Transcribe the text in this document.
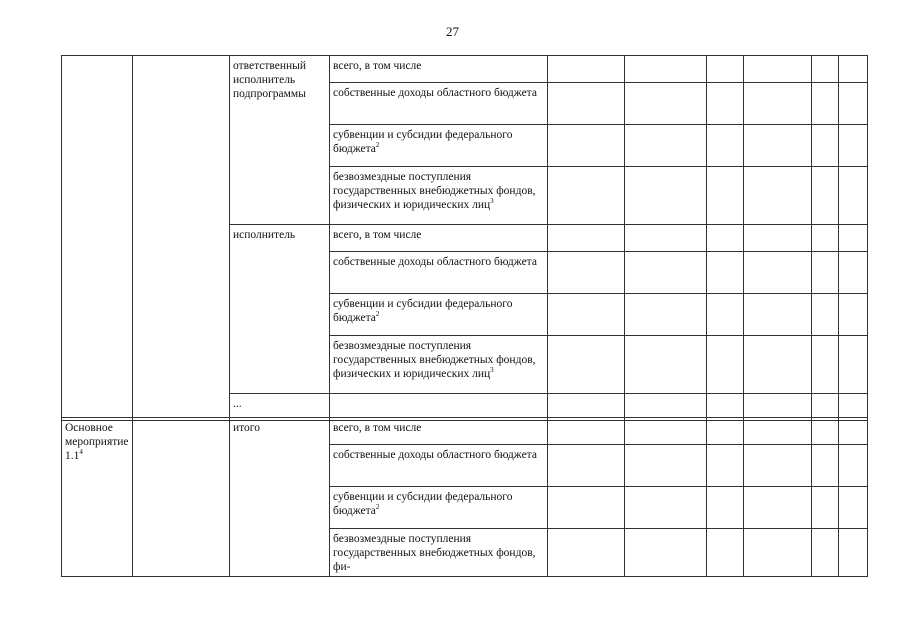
27
		ответственный исполнитель подпрограммы	всего, в том числе						
			собственные доходы областного бюджета						
			субвенции и субсидии федерального бюджета$^2$						
			безвозмездные поступления государственных внебюджетных фондов, физических и юридических лиц$^3$						
		исполнитель	всего, в том числе						
			собственные доходы областного бюджета						
			субвенции и субсидии федерального бюджета$^2$						
			безвозмездные поступления государственных внебюджетных фондов, физических и юридических лиц$^3$						
		...							
Основное мероприятие $1.1^4$		итого	всего, в том числе						
			собственные доходы областного бюджета						
			субвенции и субсидии федерального бюджета$^2$						
			безвозмездные поступления государственных внебюджетных фондов, фи-						
